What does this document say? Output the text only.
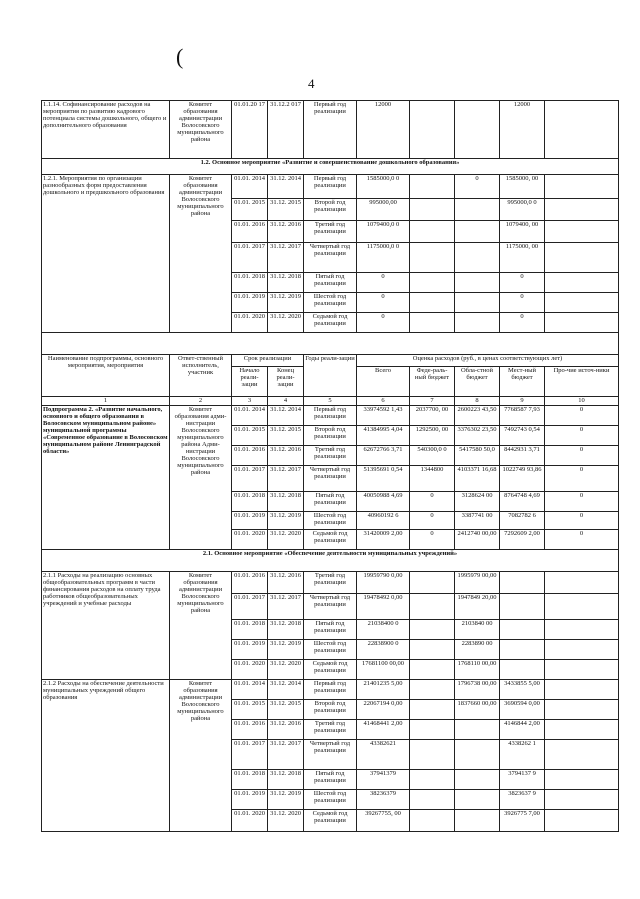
(
4
1.1.14. Софинансирование расходов на мероприятия по развитию кадрового потенциала системы дошкольного, общего и дополнительного образования	Комитет образования администрации Волосовского муниципального района	01.01.20 17	31.12.2 017	Первый год реализации	12000			12000	
1.2. Основное мероприятие «Развитие и совершенствование дошкольного образования»									
1.2.1. Мероприятия по организации разнообразных форм предоставления дошкольного и предшкольного образования	Комитет образования администрации Волосовского муниципального района	01.01. 2014	31.12. 2014	Первый год реализации	1585000,0 0		0	1585000, 00	
		01.01. 2015	31.12. 2015	Второй год реализации	995000,00			995000,0 0	
		01.01. 2016	31.12. 2016	Третий год реализации	1079400,0 0			1079400, 00	
		01.01. 2017	31.12. 2017	Четвертый год реализации	1175000,0 0			1175000, 00	
		01.01. 2018	31.12. 2018	Пятый год реализации	0			0	
		01.01. 2019	31.12. 2019	Шестой год реализации	0			0	
		01.01. 2020	31.12. 2020	Седьмой год реализации	0			0	

Наименование подпрограммы, основного мероприятия, мероприятия	Ответ-ственный исполнитель, участник	Срок реализации		Годы реали-зации	Оценка расходов (руб., в ценах соответствующих лет)				
		Начало реали-зации	Конец реали-зации		Всего	Феде-раль-ный бюджет	Обла-стной бюджет	Мест-ный бюджет	Про-чие источ-ники
1	2	3	4	5	6	7	8	9	10
Подпрограмма 2. «Развитие начального, основного и общего образования в Волосовском муниципальном районе» муниципальной программы «Современное образование в Волосовском муниципальном районе Ленинградской области»	Комитет образования адми-нистрации Волосовского муниципального района Адми-нистрации Волосовского муниципального района	01.01. 2014	31.12. 2014	Первый год реализации	33974592 1,43	2037700, 00	2600223 43,50	7768587 7,93	0
		01.01. 2015	31.12. 2015	Второй год реализации	41384995 4,04	1292500, 00	3376302 23,50	7492743 0,54	0
		01.01. 2016	31.12. 2016	Третий год реализации	62672766 3,71	540300,0 0	5417580 50,0	8442931 3,71	0
		01.01. 2017	31.12. 2017	Четвертый год реализации	51395691 0,54	1344800	4103371 16,68	1022749 93,86	0
		01.01. 2018	31.12. 2018	Пятый год реализации	40050988 4,69	0	3128624 00	8764748 4,69	0
		01.01. 2019	31.12. 2019	Шестой год реализации	40960192 6	0	3387741 00	7082782 6	0
		01.01. 2020	31.12. 2020	Седьмой год реализации	31420009 2,00	0	2412740 00,00	7292609 2,00	0
2.1. Основное мероприятие «Обеспечение деятельности муниципальных учреждений»									
2.1.1 Расходы на реализацию основных общеобразовательных программ в части финансирования расходов на оплату труда работников общеобразовательных учреждений и учебные расходы	Комитет образования администрации Волосовского муниципального района	01.01. 2016	31.12. 2016	Третий год реализации	19959790 0,00		1995979 00,00		
		01.01. 2017	31.12. 2017	Четвертый год реализации	19478492 0,00		1947849 20,00		
		01.01. 2018	31.12. 2018	Пятый год реализации	21038400 0		2103840 00		
		01.01. 2019	31.12. 2019	Шестой год реализации	22838900 0		2283890 00		
		01.01. 2020	31.12. 2020	Седьмой год реализации	17681100 00,00		1768110 00,00		
2.1.2 Расходы на обеспечение деятельности муниципальных учреждений общего образования	Комитет образования администрации Волосовского муниципального района	01.01. 2014	31.12. 2014	Первый год реализации	21401235 5,00		1796738 00,00	3433855 5,00	
		01.01. 2015	31.12. 2015	Второй год реализации	22067194 0,00		1837660 00,00	3690594 0,00	
		01.01. 2016	31.12. 2016	Третий год реализации	41468441 2,00			4146844 2,00	
		01.01. 2017	31.12. 2017	Четвертый год реализации	43382621			4338262 1	
		01.01. 2018	31.12. 2018	Пятый год реализации	37941379			3794137 9	
		01.01. 2019	31.12. 2019	Шестой год реализации	38236379			3823637 9	
		01.01. 2020	31.12. 2020	Седьмой год реализации	39267755, 00			3926775 7,00	
